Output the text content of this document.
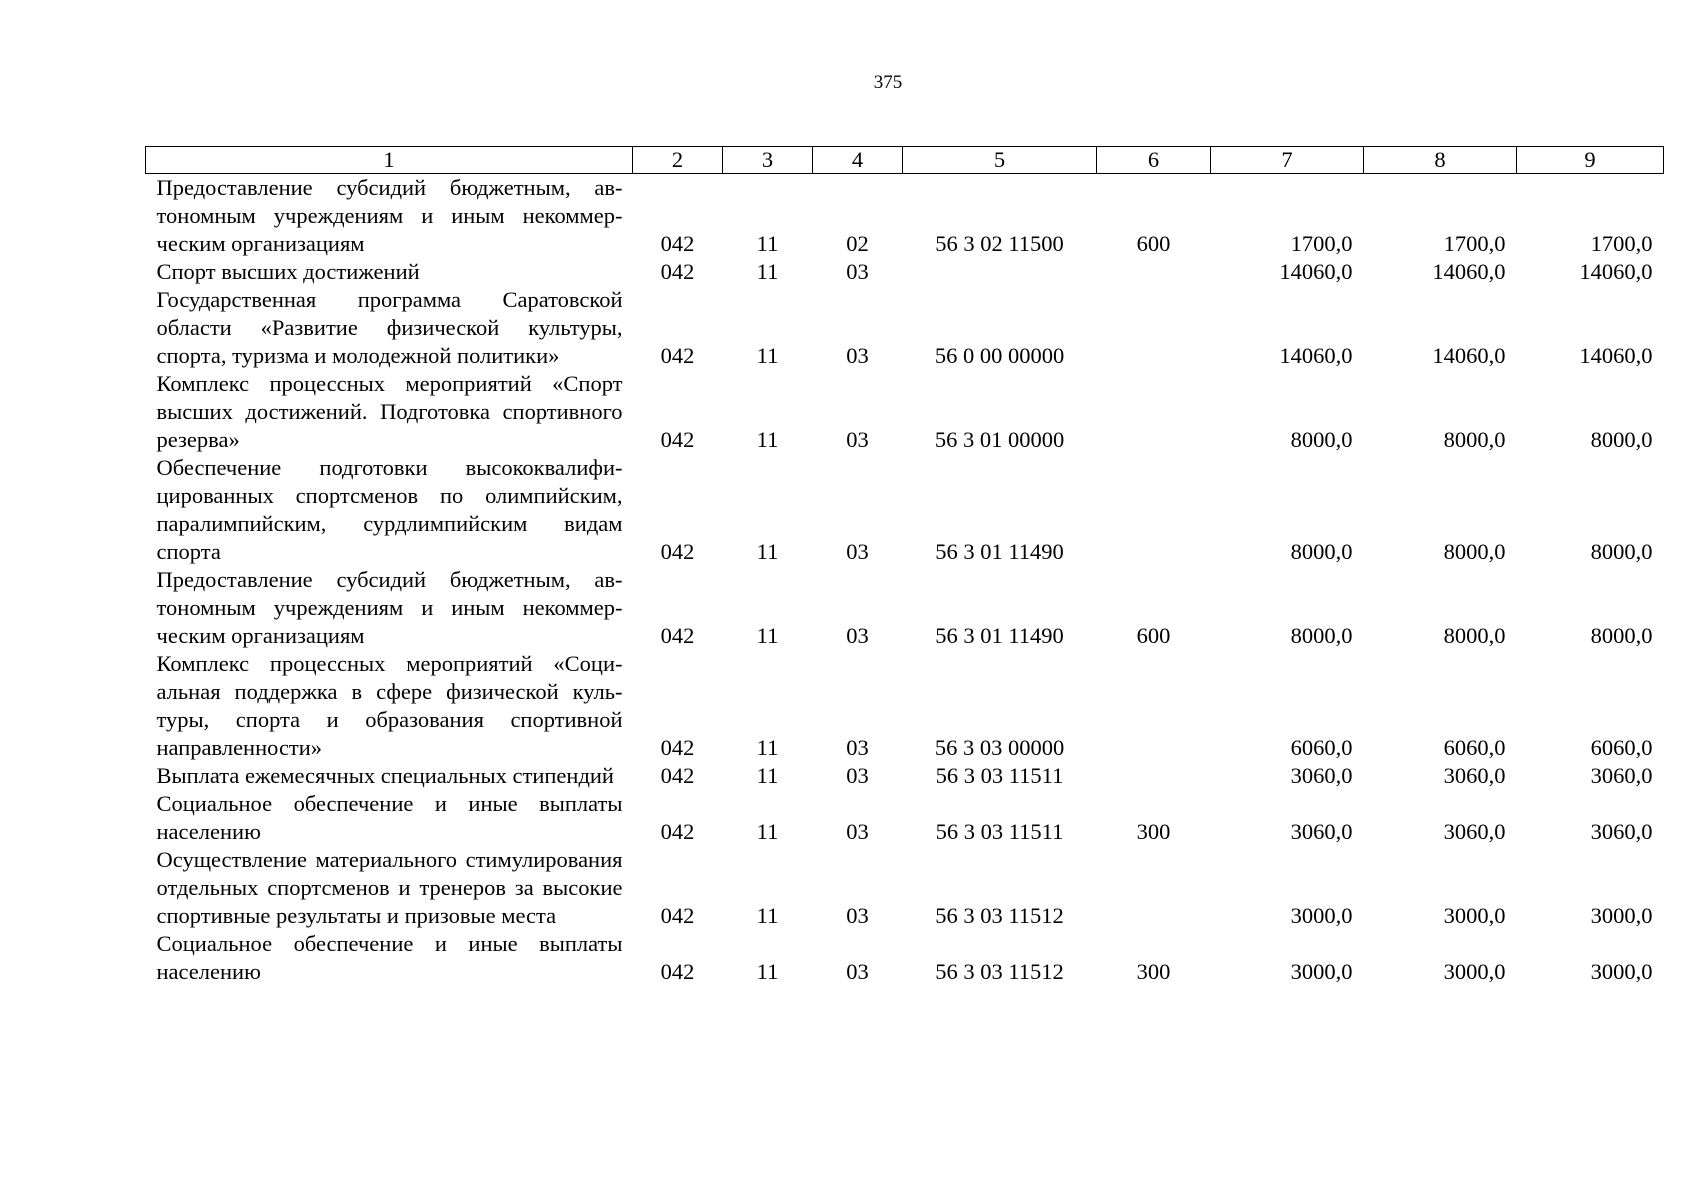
375
1	2	3	4	5	6	7	8	9
Предоставление субсидий бюджетным, автономным учреждениям и иным некоммерческим организациям	042	11	02	56 3 02 11500	600	1700,0	1700,0	1700,0
Спорт высших достижений	042	11	03			14060,0	14060,0	14060,0
Государственная программа Саратовской области «Развитие физической культуры, спорта, туризма и молодежной политики»	042	11	03	56 0 00 00000		14060,0	14060,0	14060,0
Комплекс процессных мероприятий «Спорт высших достижений. Подготовка спортивного резерва»	042	11	03	56 3 01 00000		8000,0	8000,0	8000,0
Обеспечение подготовки высококвалифицированных спортсменов по олимпийским, паралимпийским, сурдлимпийским видам спорта	042	11	03	56 3 01 11490		8000,0	8000,0	8000,0
Предоставление субсидий бюджетным, автономным учреждениям и иным некоммерческим организациям	042	11	03	56 3 01 11490	600	8000,0	8000,0	8000,0
Комплекс процессных мероприятий «Социальная поддержка в сфере физической культуры, спорта и образования спортивной направленности»	042	11	03	56 3 03 00000		6060,0	6060,0	6060,0
Выплата ежемесячных специальных стипендий	042	11	03	56 3 03 11511		3060,0	3060,0	3060,0
Социальное обеспечение и иные выплаты населению	042	11	03	56 3 03 11511	300	3060,0	3060,0	3060,0
Осуществление материального стимулирования отдельных спортсменов и тренеров за высокие спортивные результаты и призовые места	042	11	03	56 3 03 11512		3000,0	3000,0	3000,0
Социальное обеспечение и иные выплаты населению	042	11	03	56 3 03 11512	300	3000,0	3000,0	3000,0
